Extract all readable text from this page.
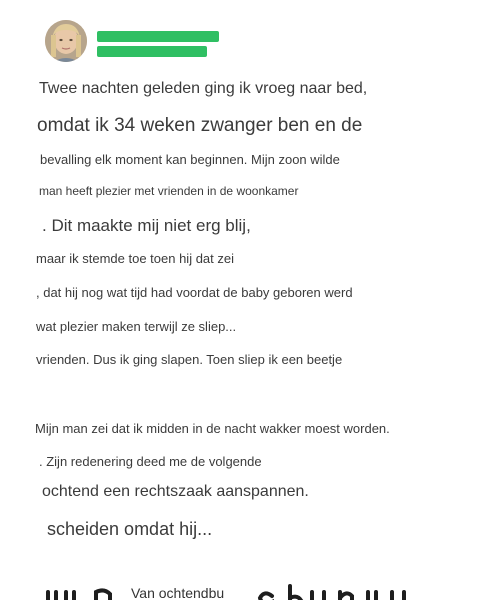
Twee nachten geleden ging ik vroeg naar bed,

omdat ik 34 weken zwanger ben en de

bevalling elk moment kan beginnen. Mijn zoon wilde

man heeft plezier met vrienden in de woonkamer

. Dit maakte mij niet erg blij,

maar ik stemde toe toen hij dat zei

, dat hij nog wat tijd had voordat de baby geboren werd

wat plezier maken terwijl ze sliep...

vrienden. Dus ik ging slapen. Toen sliep ik een beetje

Mijn man zei dat ik midden in de nacht wakker moest worden.

. Zijn redenering deed me de volgende

ochtend een rechtszaak aanspannen.

scheiden omdat hij...

Van ochtendbu
